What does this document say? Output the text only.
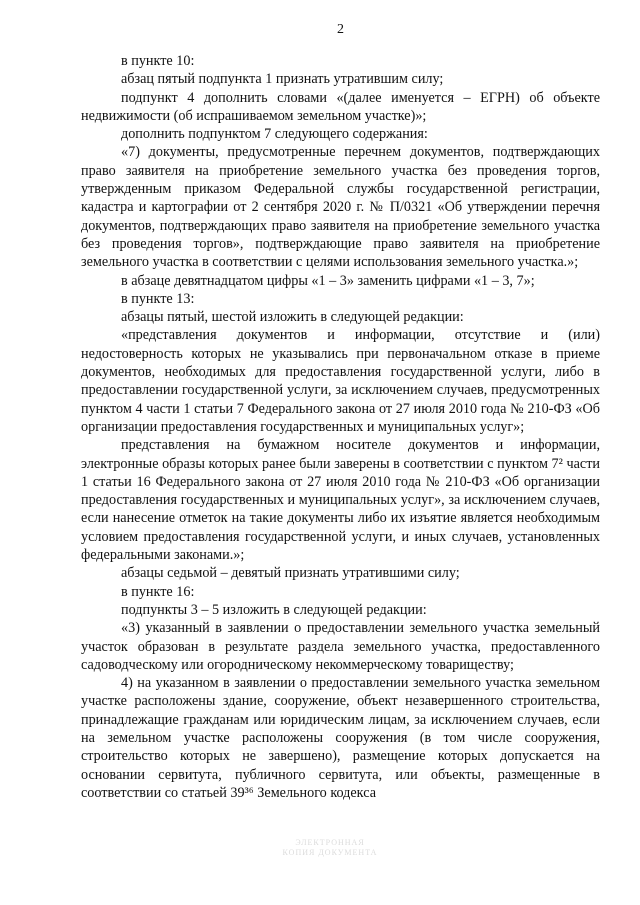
2

в пункте 10:

абзац пятый подпункта 1 признать утратившим силу;

подпункт 4 дополнить словами «(далее именуется – ЕГРН) об объекте недвижимости (об испрашиваемом земельном участке)»;

дополнить подпунктом 7 следующего содержания:

«7) документы, предусмотренные перечнем документов, подтверждающих право заявителя на приобретение земельного участка без проведения торгов, утвержденным приказом Федеральной службы государственной регистрации, кадастра и картографии от 2 сентября 2020 г. № П/0321 «Об утверждении перечня документов, подтверждающих право заявителя на приобретение земельного участка без проведения торгов», подтверждающие право заявителя на приобретение земельного участка в соответствии с целями использования земельного участка.»;

в абзаце девятнадцатом цифры «1 – 3» заменить цифрами «1 – 3, 7»;

в пункте 13:

абзацы пятый, шестой изложить в следующей редакции:

«представления документов и информации, отсутствие и (или) недостоверность которых не указывались при первоначальном отказе в приеме документов, необходимых для предоставления государственной услуги, либо в предоставлении государственной услуги, за исключением случаев, предусмотренных пунктом 4 части 1 статьи 7 Федерального закона от 27 июля 2010 года № 210-ФЗ «Об организации предоставления государственных и муниципальных услуг»;

представления на бумажном носителе документов и информации, электронные образы которых ранее были заверены в соответствии с пунктом 7² части 1 статьи 16 Федерального закона от 27 июля 2010 года № 210-ФЗ «Об организации предоставления государственных и муниципальных услуг», за исключением случаев, если нанесение отметок на такие документы либо их изъятие является необходимым условием предоставления государственной услуги, и иных случаев, установленных федеральными законами.»;

абзацы седьмой – девятый признать утратившими силу;

в пункте 16:

подпункты 3 – 5 изложить в следующей редакции:

«3) указанный в заявлении о предоставлении земельного участка земельный участок образован в результате раздела земельного участка, предоставленного садоводческому или огородническому некоммерческому товариществу;

4) на указанном в заявлении о предоставлении земельного участка земельном участке расположены здание, сооружение, объект незавершенного строительства, принадлежащие гражданам или юридическим лицам, за исключением случаев, если на земельном участке расположены сооружения (в том числе сооружения, строительство которых не завершено), размещение которых допускается на основании сервитута, публичного сервитута, или объекты, размещенные в соответствии со статьей 39³⁶ Земельного кодекса

ЭЛЕКТРОННАЯ
КОПИЯ ДОКУМЕНТА
